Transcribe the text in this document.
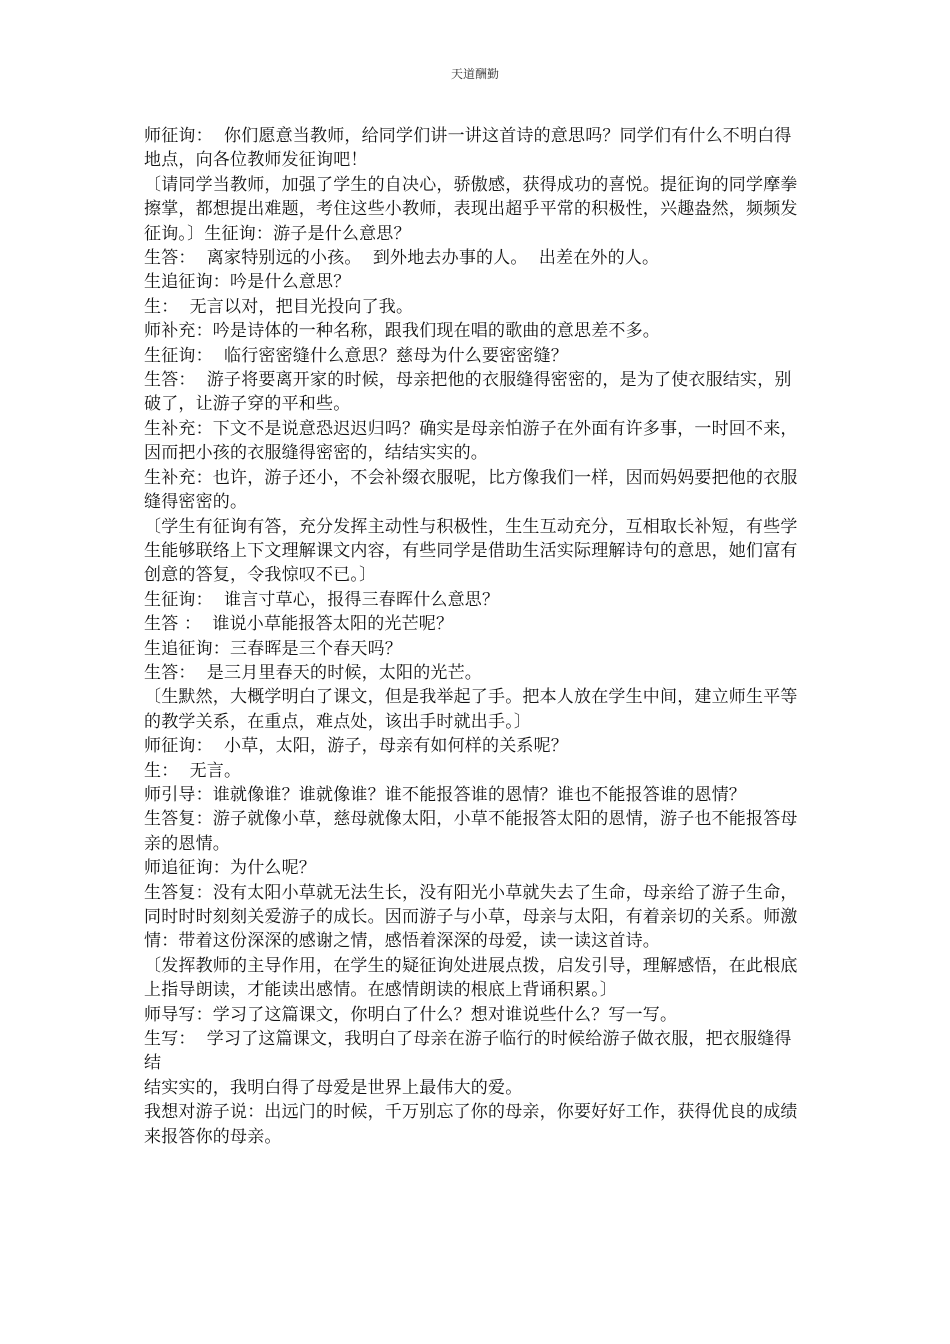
天道酬勤

师征询：  你们愿意当教师，给同学们讲一讲这首诗的意思吗？同学们有什么不明白得地点，向各位教师发征询吧！

〔请同学当教师，加强了学生的自决心，骄傲感，获得成功的喜悦。提征询的同学摩拳擦掌，都想提出难题，考住这些小教师，表现出超乎平常的积极性，兴趣盎然，频频发征询。〕生征询：游子是什么意思？

生答：  离家特别远的小孩。  到外地去办事的人。  出差在外的人。

生追征询：吟是什么意思？

生：  无言以对，把目光投向了我。

师补充：吟是诗体的一种名称，跟我们现在唱的歌曲的意思差不多。

生征询：  临行密密缝什么意思？慈母为什么要密密缝？

生答：  游子将要离开家的时候，母亲把他的衣服缝得密密的，是为了使衣服结实，别破了，让游子穿的平和些。

生补充：下文不是说意恐迟迟归吗？确实是母亲怕游子在外面有许多事，一时回不来，因而把小孩的衣服缝得密密的，结结实实的。

生补充：也许，游子还小，不会补缀衣服呢，比方像我们一样，因而妈妈要把他的衣服缝得密密的。

〔学生有征询有答，充分发挥主动性与积极性，生生互动充分，互相取长补短，有些学生能够联络上下文理解课文内容，有些同学是借助生活实际理解诗句的意思，她们富有创意的答复，令我惊叹不已。〕

生征询：  谁言寸草心，报得三春晖什么意思？

生答 ：  谁说小草能报答太阳的光芒呢？

生追征询：三春晖是三个春天吗？

生答：  是三月里春天的时候，太阳的光芒。

〔生默然，大概学明白了课文，但是我举起了手。把本人放在学生中间，建立师生平等的教学关系，在重点，难点处，该出手时就出手。〕

师征询：  小草，太阳，游子，母亲有如何样的关系呢？

生：  无言。

师引导：谁就像谁？谁就像谁？谁不能报答谁的恩情？谁也不能报答谁的恩情？

生答复：游子就像小草，慈母就像太阳，小草不能报答太阳的恩情，游子也不能报答母亲的恩情。

师追征询：为什么呢？

生答复：没有太阳小草就无法生长，没有阳光小草就失去了生命，母亲给了游子生命，同时时时刻刻关爱游子的成长。因而游子与小草，母亲与太阳，有着亲切的关系。师激情：带着这份深深的感谢之情，感悟着深深的母爱，读一读这首诗。

〔发挥教师的主导作用，在学生的疑征询处进展点拨，启发引导，理解感悟，在此根底上指导朗读，才能读出感情。在感情朗读的根底上背诵积累。〕

师导写：学习了这篇课文，你明白了什么？想对谁说些什么？写一写。

生写：  学习了这篇课文，我明白了母亲在游子临行的时候给游子做衣服，把衣服缝得结

结实实的，我明白得了母爱是世界上最伟大的爱。

我想对游子说：出远门的时候，千万别忘了你的母亲，你要好好工作，获得优良的成绩来报答你的母亲。
